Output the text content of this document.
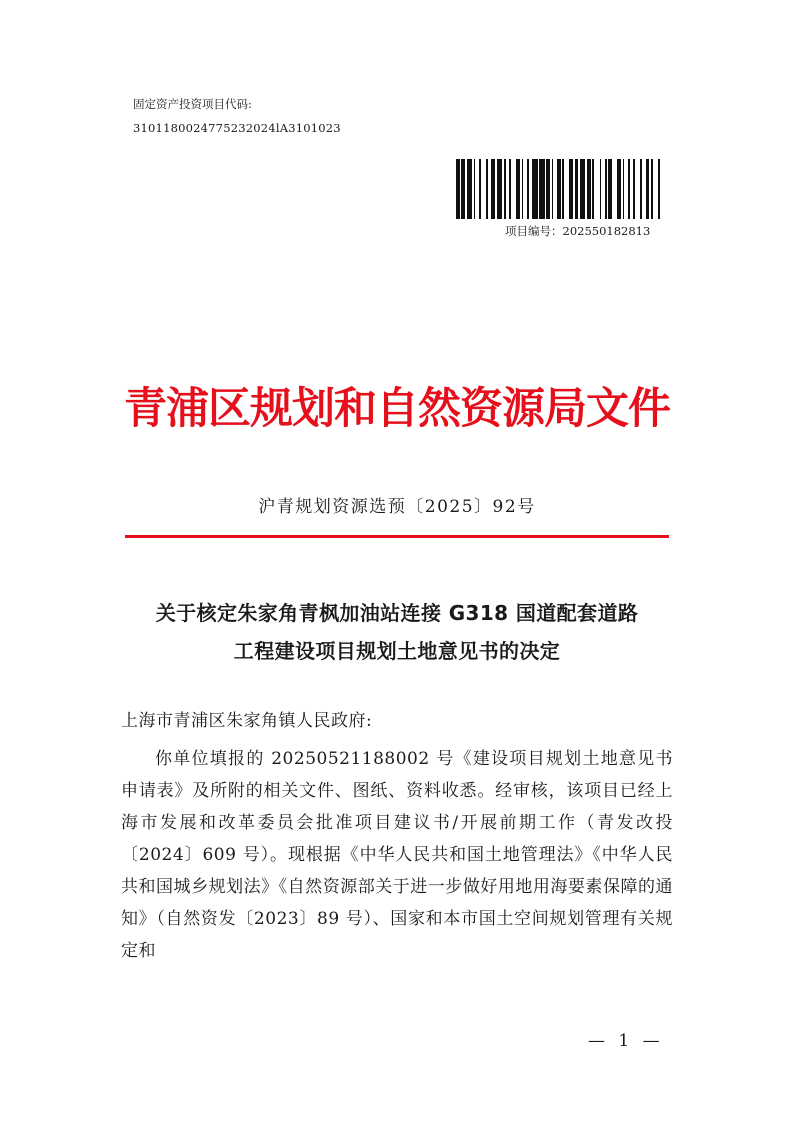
固定资产投资项目代码:
3101180024775232024lA3101023
项目编号：202550182813
青浦区规划和自然资源局文件
沪青规划资源选预〔2025〕92号
关于核定朱家角青枫加油站连接 G318 国道配套道路
工程建设项目规划土地意见书的决定
上海市青浦区朱家角镇人民政府:
你单位填报的 20250521188002 号《建设项目规划土地意见书申请表》及所附的相关文件、图纸、资料收悉。经审核，该项目已经上海市发展和改革委员会批准项目建议书/开展前期工作（青发改投〔2024〕609 号）。现根据《中华人民共和国土地管理法》《中华人民共和国城乡规划法》《自然资源部关于进一步做好用地用海要素保障的通知》（自然资发〔2023〕89 号）、国家和本市国土空间规划管理有关规定和
— 1 —
